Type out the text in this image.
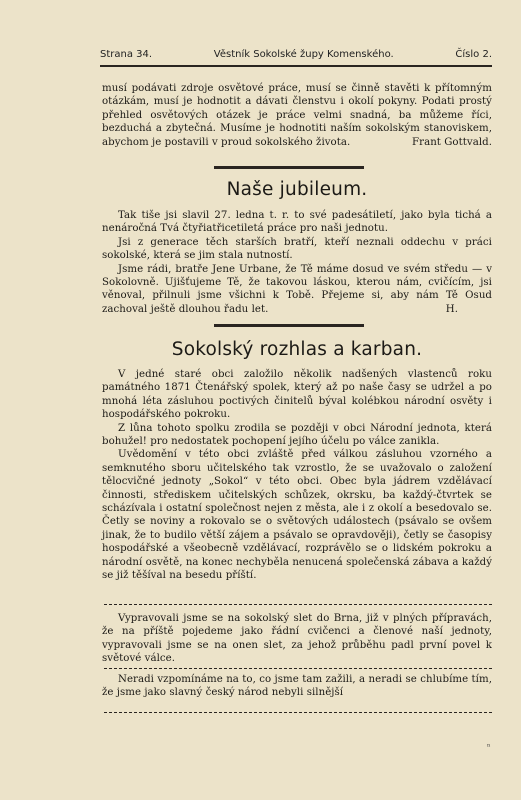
Strana 34.	Věstník Sokolské župy Komenského.	Číslo 2.

musí podávati zdroje osvětové práce, musí se činně stavěti k přítomným otázkám, musí je hodnotit a dávati členstvu i okolí pokyny. Podati prostý přehled osvětových otázek je práce velmi snadná, ba můžeme říci, bezduchá a zbytečná. Musíme je hodnotiti naším sokolským stanoviskem, abychom je postavili v proud sokolského života.	Frant Gottvald.

Naše jubileum.

Tak tiše jsi slavil 27. ledna t. r. to své padesátiletí, jako byla tichá a nenáročná Tvá čtyřiatřicetiletá práce pro naši jednotu.

Jsi z generace těch starších bratří, kteří neznali oddechu v práci sokolské, která se jim stala nutností.

Jsme rádi, bratře Jene Urbane, že Tě máme dosud ve svém středu — v Sokolovně. Ujišťujeme Tě, že takovou láskou, kterou nám, cvičícím, jsi věnoval, přilnuli jsme všichni k Tobě. Přejeme si, aby nám Tě Osud zachoval ještě dlouhou řadu let.	H.

Sokolský rozhlas a karban.

V jedné staré obci založilo několik nadšených vlastenců roku památného 1871 Čtenářský spolek, který až po naše časy se udržel a po mnohá léta zásluhou poctivých činitelů býval kolébkou národní osvěty i hospodářského pokroku.

Z lůna tohoto spolku zrodila se později v obci Národní jednota, která bohužel! pro nedostatek pochopení jejího účelu po válce zanikla.

Uvědomění v této obci zvláště před válkou zásluhou vzorného a semknutého sboru učitelského tak vzrostlo, že se uvažovalo o založení tělocvičné jednoty „Sokol“ v této obci. Obec byla jádrem vzdělávací činnosti, střediskem učitelských schůzek, okrsku, ba každý-čtvrtek se scházívala i ostatní společnost nejen z města, ale i z okolí a besedovalo se. Četly se noviny a rokovalo se o světových událostech (psávalo se ovšem jinak, že to budilo větší zájem a psávalo se opravdověji), četly se časopisy hospodářské a všeobecně vzdělávací, rozprávělo se o lidském pokroku a národní osvětě, na konec nechyběla nenucená společenská zábava a každý se již těšíval na besedu příští.

Vypravovali jsme se na sokolský slet do Brna, již v plných přípravách, že na příště pojedeme jako řádní cvičenci a členové naší jednoty, vypravovali jsme se na onen slet, za jehož průběhu padl první povel k světové válce.

Neradi vzpomínáme na to, co jsme tam zažili, a neradi se chlubíme tím, že jsme jako slavný český národ nebyli silnější

ⁿ
